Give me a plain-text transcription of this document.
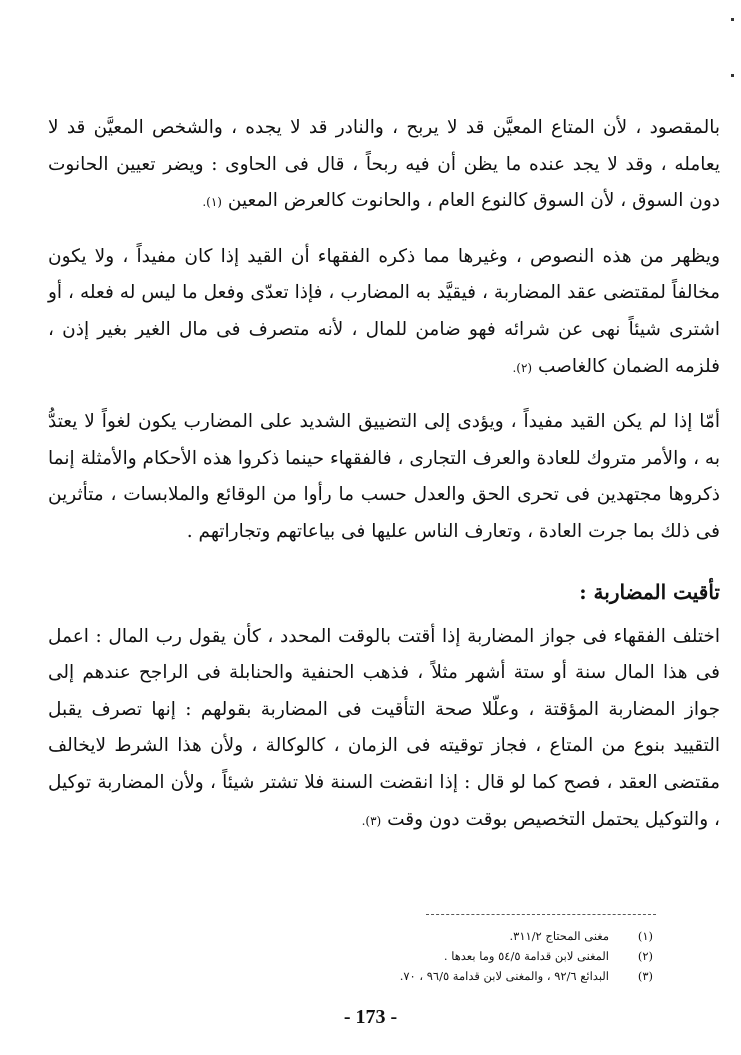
بالمقصود ، لأن المتاع المعيَّن قد لا يربح ، والنادر قد لا يجده ، والشخص المعيَّن قد لا يعامله ، وقد لا يجد عنده ما يظن أن فيه ربحاً ، قال فى الحاوى : ويضر تعيين الحانوت دون السوق ، لأن السوق كالنوع العام ، والحانوت كالعرض المعين (١).

ويظهر من هذه النصوص ، وغيرها مما ذكره الفقهاء أن القيد إذا كان مفيداً ، ولا يكون مخالفاً لمقتضى عقد المضاربة ، فيقيَّد به المضارب ، فإذا تعدّى وفعل ما ليس له فعله ، أو اشترى شيئاً نهى عن شرائه فهو ضامن للمال ، لأنه متصرف فى مال الغير بغير إذن ، فلزمه الضمان كالغاصب (٢).

أمّا إذا لم يكن القيد مفيداً ، ويؤدى إلى التضييق الشديد على المضارب يكون لغواً لا يعتدُّ به ، والأمر متروك للعادة والعرف التجارى ، فالفقهاء حينما ذكروا هذه الأحكام والأمثلة إنما ذكروها مجتهدين فى تحرى الحق والعدل حسب ما رأوا من الوقائع والملابسات ، متأثرين فى ذلك بما جرت العادة ، وتعارف الناس عليها فى بياعاتهم وتجاراتهم .

تأقيت المضاربة :

اختلف الفقهاء فى جواز المضاربة إذا أقتت بالوقت المحدد ، كأن يقول رب المال : اعمل فى هذا المال سنة أو ستة أشهر مثلاً ، فذهب الحنفية والحنابلة فى الراجح عندهم إلى جواز المضاربة المؤقتة ، وعلّلا صحة التأقيت فى المضاربة بقولهم : إنها تصرف يقبل التقييد بنوع من المتاع ، فجاز توقيته فى الزمان ، كالوكالة ، ولأن هذا الشرط لايخالف مقتضى العقد ، فصح كما لو قال : إذا انقضت السنة فلا تشتر شيئاً ، ولأن المضاربة توكيل ، والتوكيل يحتمل التخصيص بوقت دون وقت (٣).

(١)مغنى المحتاج ٣١١/٢.
(٢)المغنى لابن قدامة ٥٤/٥ وما بعدها .
(٣)البدائع ٩٢/٦ ، والمغنى لابن قدامة ٩٦/٥ ، ٧٠.
- 173 -
